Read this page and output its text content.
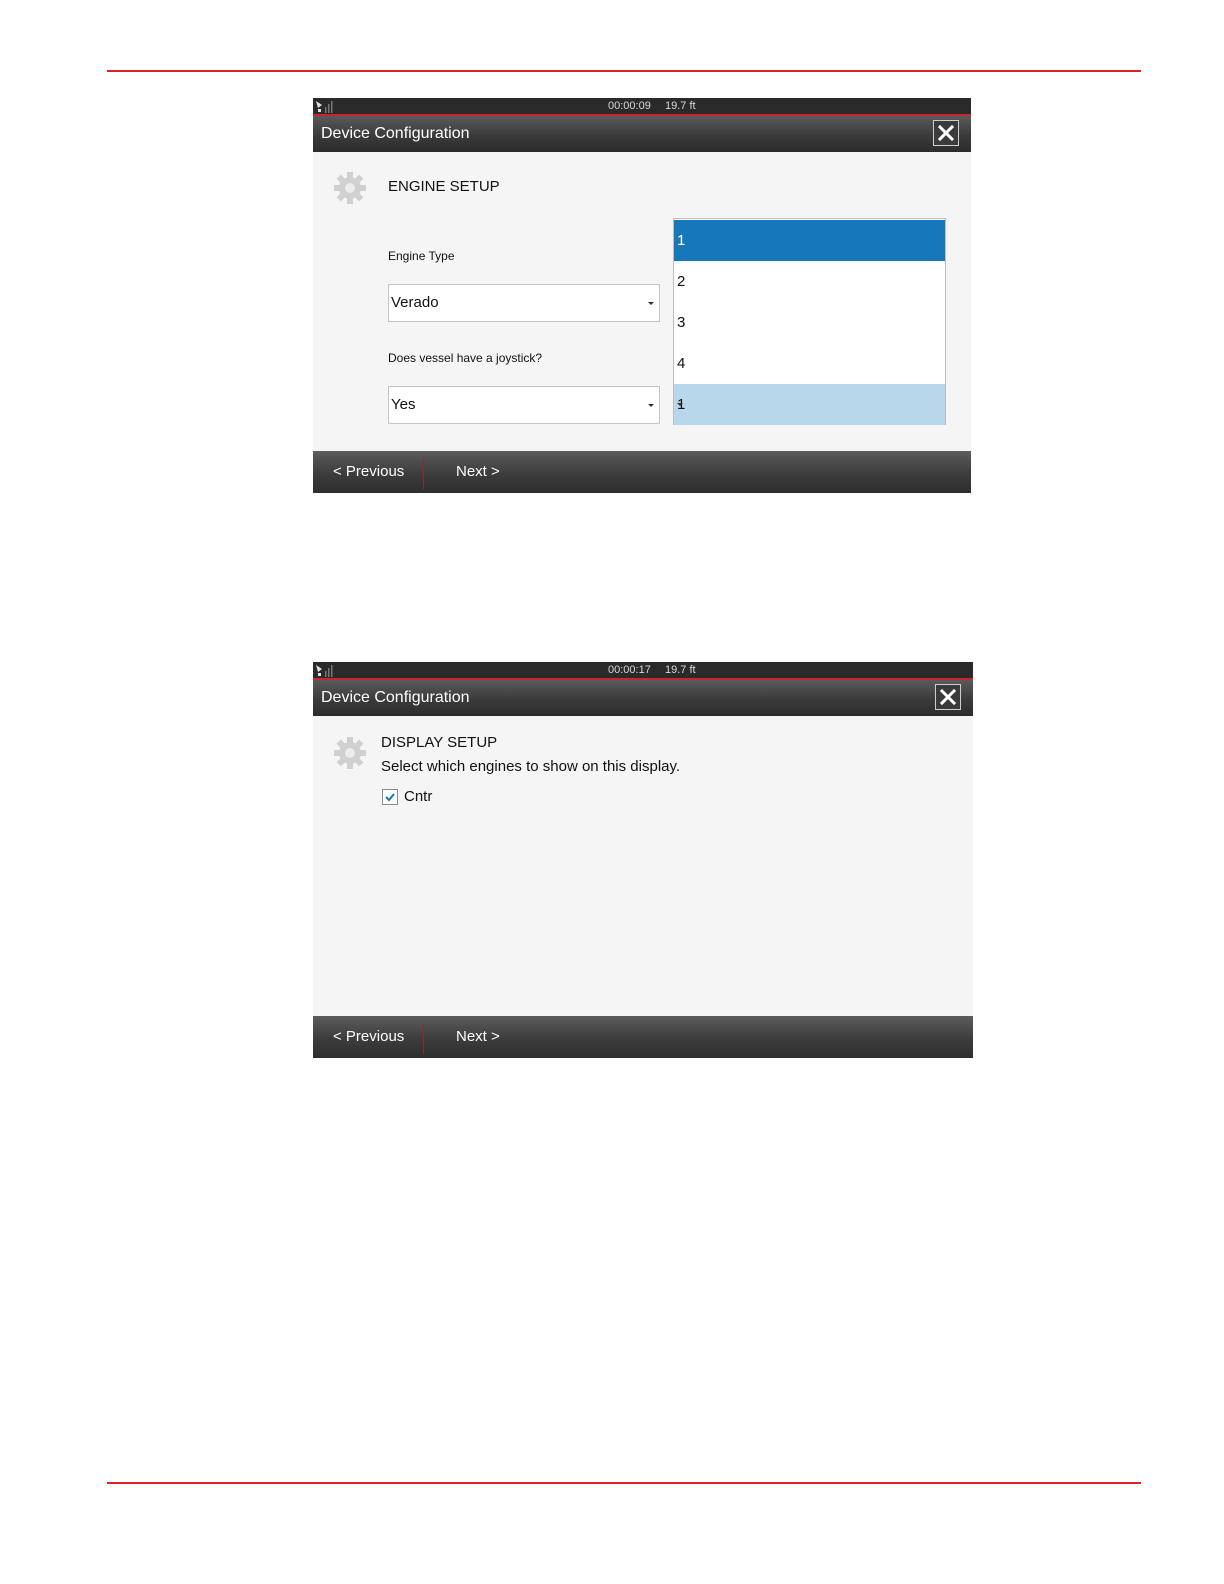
00:00:09 19.7 ft
Device Configuration
ENGINE SETUP
Engine Type
Verado
Does vessel have a joystick?
Yes
1
2
3
4
1
< Previous	Next >
00:00:17 19.7 ft
Device Configuration
DISPLAY SETUP
Select which engines to show on this display.
Cntr
< Previous	Next >
